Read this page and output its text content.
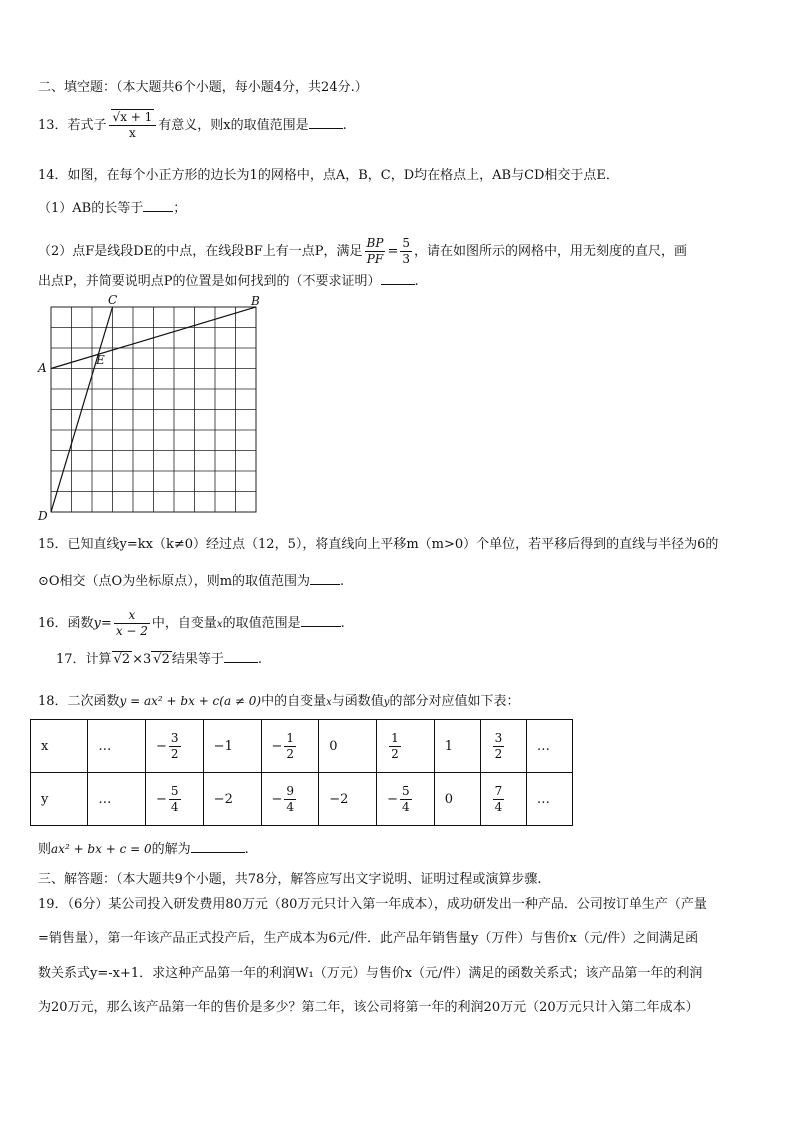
二、填空题：（本大题共6个小题，每小题4分，共24分.）
13．若式子 $\frac{√x + 1}{x}$ 有意义，则x的取值范围是	.
14．如图，在每个小正方形的边长为1的网格中，点A，B，C，D均在格点上，AB与CD相交于点E．
（1）AB的长等于 ；
（2）点F是线段DE的中点，在线段BF上有一点P，满足 $\frac{BP}{PF} = \frac{5}{3}$ ，请在如图所示的网格中，用无刻度的直尺，画
出点P，并简要说明点P的位置是如何找到的（不要求证明）	.
A
B
C
D
E
15．已知直线y=kx（k≠0）经过点（12，5），将直线向上平移m（m>0）个单位，若平移后得到的直线与半径为6的
⊙O相交（点O为坐标原点），则m的取值范围为 .
16．函数$y= \frac{x}{x - 2}$ 中，自变量x的取值范围是	.
17．计算 √2 ×3 √2 结果等于	.
18．二次函数y = ax² + bx + c(a ≠ 0)中的自变量x与函数值y的部分对应值如下表：
x	…	− $\frac{3}{2}$	−1	− $\frac{1}{2}$	0	$\frac{1}{2}$	1	$\frac{3}{2}$	…
y	…	− $\frac{5}{4}$	−2	− $\frac{9}{4}$	−2	− $\frac{5}{4}$	0	$\frac{7}{4}$	…
则ax² + bx + c = 0的解为	.
三、解答题：（本大题共9个小题，共78分，解答应写出文字说明、证明过程或演算步骤.
19．（6分）某公司投入研发费用80万元（80万元只计入第一年成本），成功研发出一种产品．公司按订单生产（产量
=销售量），第一年该产品正式投产后，生产成本为6元/件．此产品年销售量y（万件）与售价x（元/件）之间满足函
数关系式y=-x+1．求这种产品第一年的利润W₁（万元）与售价x（元/件）满足的函数关系式；该产品第一年的利润
为20万元，那么该产品第一年的售价是多少？第二年，该公司将第一年的利润20万元（20万元只计入第二年成本）
